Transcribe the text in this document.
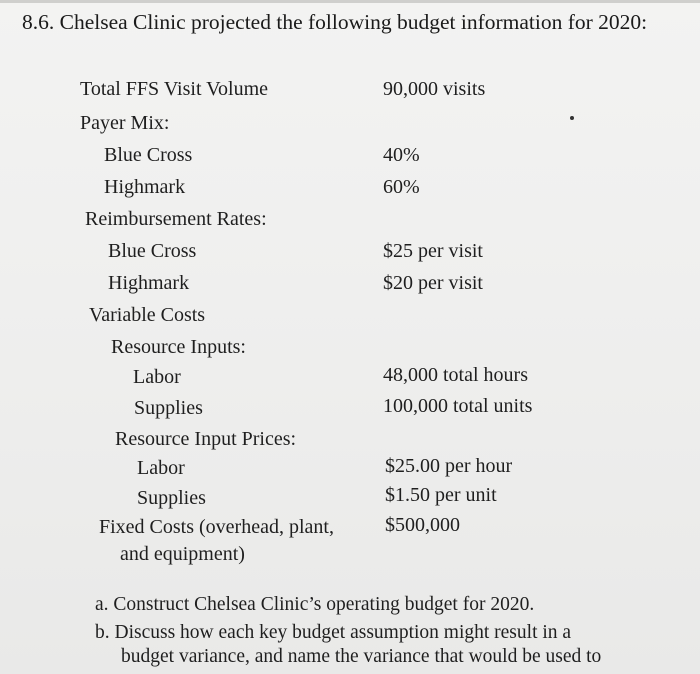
8.6. Chelsea Clinic projected the following budget information for 2020:
Total FFS Visit Volume	90,000 visits
Payer Mix:
Blue Cross	40%
Highmark	60%
Reimbursement Rates:
Blue Cross	$25 per visit
Highmark	$20 per visit
Variable Costs
Resource Inputs:
Labor	48,000 total hours
Supplies	100,000 total units
Resource Input Prices:
Labor	$25.00 per hour
Supplies	$1.50 per unit
Fixed Costs (overhead, plant,	$500,000
and equipment)
a. Construct Chelsea Clinic’s operating budget for 2020.
b. Discuss how each key budget assumption might result in a
budget variance, and name the variance that would be used to
